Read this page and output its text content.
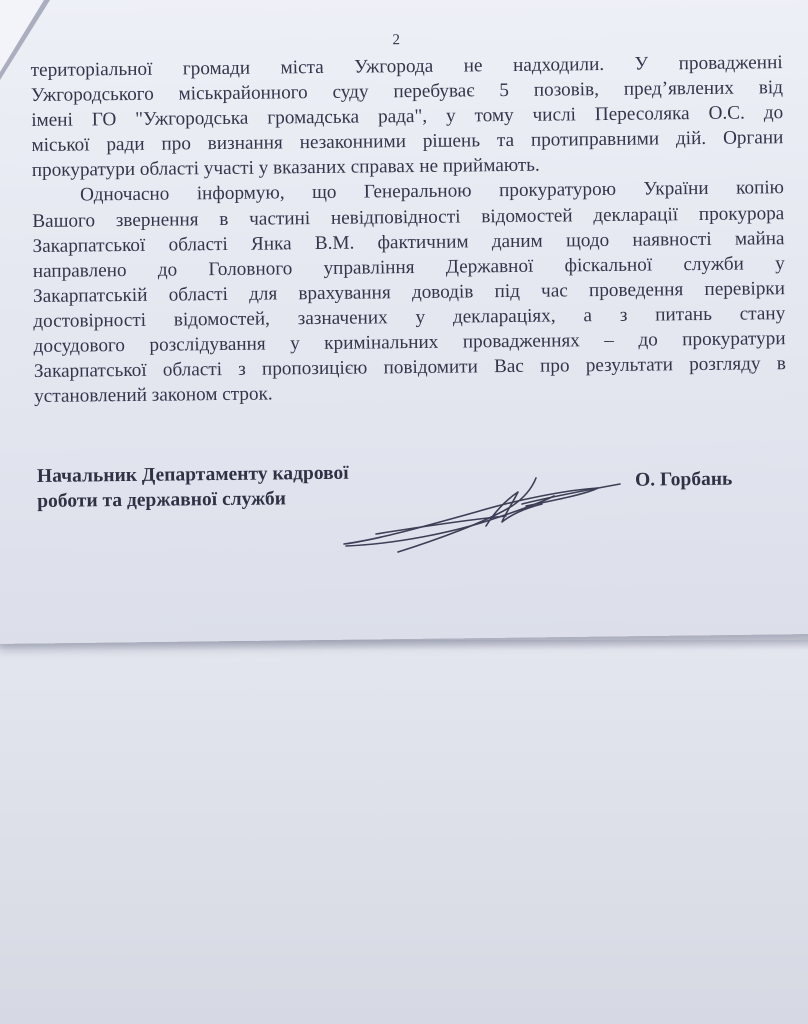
2
територіальної громади міста Ужгорода не надходили. У провадженні
Ужгородського міськрайонного суду перебуває 5 позовів, пред’явлених від
імені ГО "Ужгородська громадська рада", у тому числі Пересоляка О.С. до
міської ради про визнання незаконними рішень та протиправними дій. Органи
прокуратури області участі у вказаних справах не приймають.
Одночасно інформую, що Генеральною прокуратурою України копію
Вашого звернення в частині невідповідності відомостей декларації прокурора
Закарпатської області Янка В.М. фактичним даним щодо наявності майна
направлено до Головного управління Державної фіскальної служби у
Закарпатській області для врахування доводів під час проведення перевірки
достовірності відомостей, зазначених у деклараціях, а з питань стану
досудового розслідування у кримінальних провадженнях – до прокуратури
Закарпатської області з пропозицією повідомити Вас про результати розгляду в
установлений законом строк.
Начальник Департаменту кадрової
роботи та державної служби
О. Горбань
